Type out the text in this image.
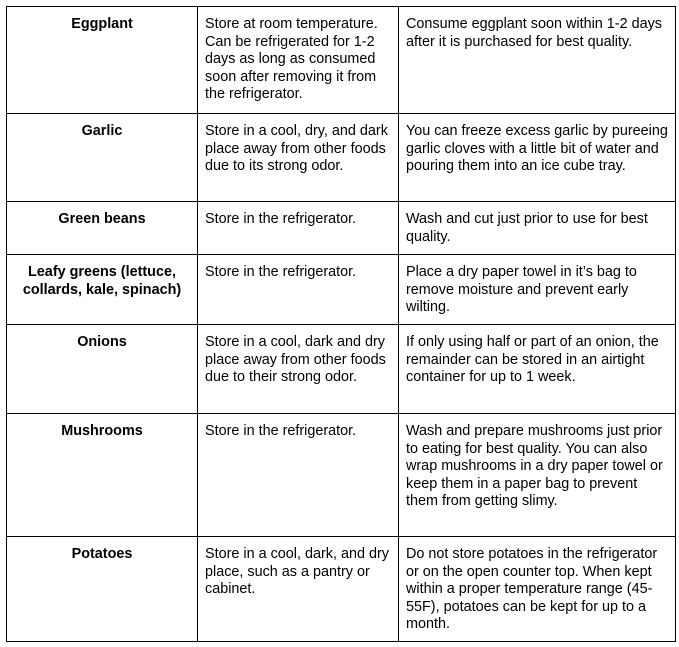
Eggplant	Store at room temperature. Can be refrigerated for 1-2 days as long as consumed soon after removing it from the refrigerator.	Consume eggplant soon within 1-2 days after it is purchased for best quality.
Garlic	Store in a cool, dry, and dark place away from other foods due to its strong odor.	You can freeze excess garlic by pureeing garlic cloves with a little bit of water and pouring them into an ice cube tray.
Green beans	Store in the refrigerator.	Wash and cut just prior to use for best quality.
Leafy greens (lettuce, collards, kale, spinach)	Store in the refrigerator.	Place a dry paper towel in it’s bag to remove moisture and prevent early wilting.
Onions	Store in a cool, dark and dry place away from other foods due to their strong odor.	If only using half or part of an onion, the remainder can be stored in an airtight container for up to 1 week.
Mushrooms	Store in the refrigerator.	Wash and prepare mushrooms just prior to eating for best quality. You can also wrap mushrooms in a dry paper towel or keep them in a paper bag to prevent them from getting slimy.
Potatoes	Store in a cool, dark, and dry place, such as a pantry or cabinet.	Do not store potatoes in the refrigerator or on the open counter top. When kept within a proper temperature range (45-55F), potatoes can be kept for up to a month.
